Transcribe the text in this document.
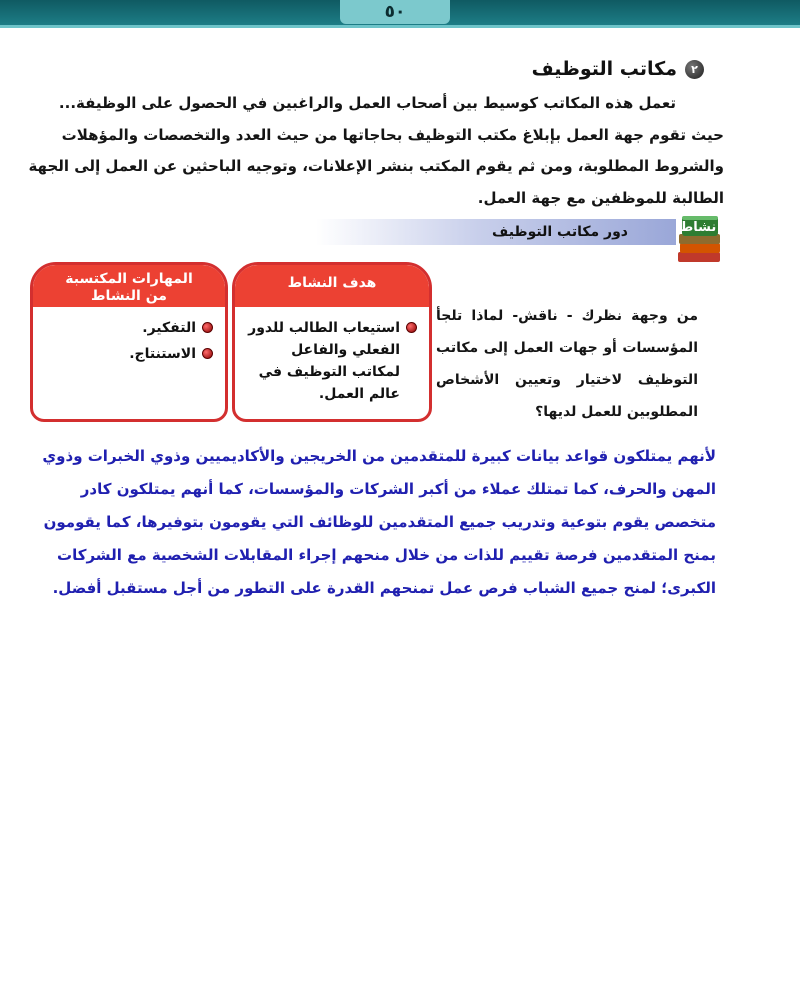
٥٠
٢
مكاتب التوظيف
تعمل هذه المكاتب كوسيط بين أصحاب العمل والراغبين في الحصول على الوظيفة...
حيث تقوم جهة العمل بإبلاغ مكتب التوظيف بحاجاتها من حيث العدد والتخصصات والمؤهلات
والشروط المطلوبة، ومن ثم يقوم المكتب بنشر الإعلانات، وتوجيه الباحثين عن العمل إلى الجهة
الطالبة للموظفين مع جهة العمل.
دور مكاتب التوظيف	نشاط
هدف النشاط
استيعاب الطالب للدور الفعلي والفاعل لمكاتب التوظيف في عالم العمل.
المهارات المكتسبة
من النشاط
التفكير.
الاستنتاج.
من وجهة نظرك - ناقش- لماذا تلجأ
المؤسسات أو جهات العمل إلى مكاتب
التوظيف لاختيار وتعيين الأشخاص
المطلوبين للعمل لديها؟
لأنهم يمتلكون قواعد بيانات كبيرة للمتقدمين من الخريجين والأكاديميين وذوي الخبرات وذوي
المهن والحرف، كما تمتلك عملاء من أكبر الشركات والمؤسسات، كما أنهم يمتلكون كادر
متخصص يقوم بتوعية وتدريب جميع المتقدمين للوظائف التي يقومون بتوفيرها، كما يقومون
بمنح المتقدمين فرصة تقييم للذات من خلال منحهم إجراء المقابلات الشخصية مع الشركات
الكبرى؛ لمنح جميع الشباب فرص عمل تمنحهم القدرة على التطور من أجل مستقبل أفضل.
